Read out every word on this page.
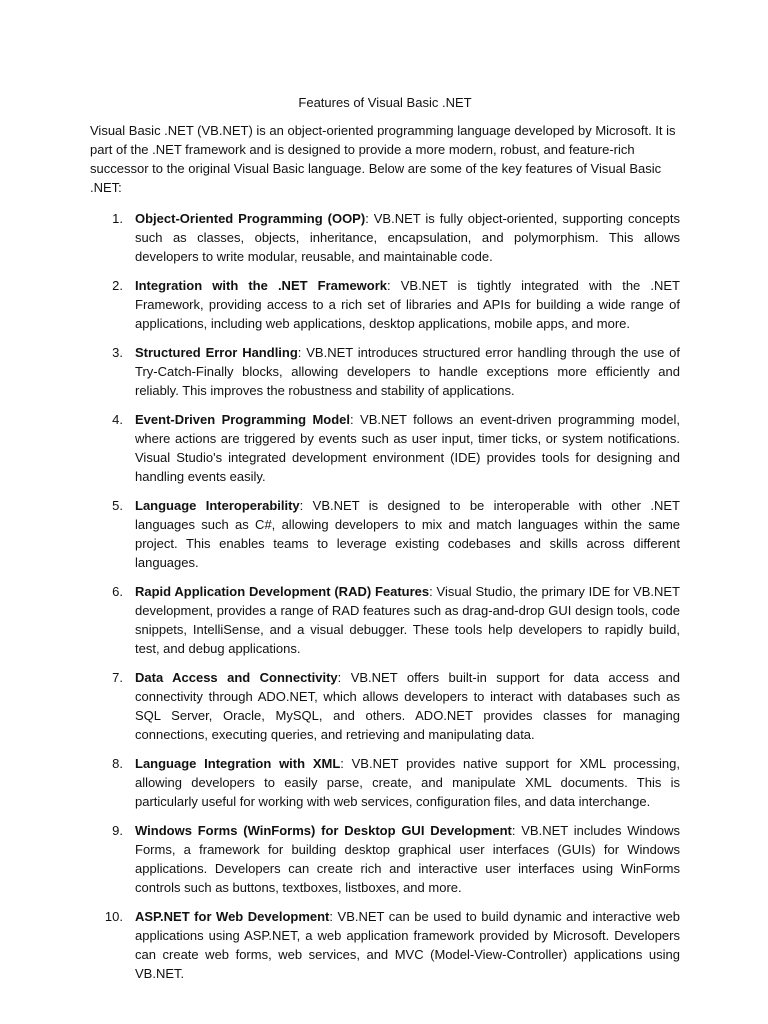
Features of Visual Basic .NET

Visual Basic .NET (VB.NET) is an object-oriented programming language developed by Microsoft. It is part of the .NET framework and is designed to provide a more modern, robust, and feature-rich successor to the original Visual Basic language. Below are some of the key features of Visual Basic .NET:

1. Object-Oriented Programming (OOP): VB.NET is fully object-oriented, supporting concepts such as classes, objects, inheritance, encapsulation, and polymorphism. This allows developers to write modular, reusable, and maintainable code.
2. Integration with the .NET Framework: VB.NET is tightly integrated with the .NET Framework, providing access to a rich set of libraries and APIs for building a wide range of applications, including web applications, desktop applications, mobile apps, and more.
3. Structured Error Handling: VB.NET introduces structured error handling through the use of Try-Catch-Finally blocks, allowing developers to handle exceptions more efficiently and reliably. This improves the robustness and stability of applications.
4. Event-Driven Programming Model: VB.NET follows an event-driven programming model, where actions are triggered by events such as user input, timer ticks, or system notifications. Visual Studio's integrated development environment (IDE) provides tools for designing and handling events easily.
5. Language Interoperability: VB.NET is designed to be interoperable with other .NET languages such as C#, allowing developers to mix and match languages within the same project. This enables teams to leverage existing codebases and skills across different languages.
6. Rapid Application Development (RAD) Features: Visual Studio, the primary IDE for VB.NET development, provides a range of RAD features such as drag-and-drop GUI design tools, code snippets, IntelliSense, and a visual debugger. These tools help developers to rapidly build, test, and debug applications.
7. Data Access and Connectivity: VB.NET offers built-in support for data access and connectivity through ADO.NET, which allows developers to interact with databases such as SQL Server, Oracle, MySQL, and others. ADO.NET provides classes for managing connections, executing queries, and retrieving and manipulating data.
8. Language Integration with XML: VB.NET provides native support for XML processing, allowing developers to easily parse, create, and manipulate XML documents. This is particularly useful for working with web services, configuration files, and data interchange.
9. Windows Forms (WinForms) for Desktop GUI Development: VB.NET includes Windows Forms, a framework for building desktop graphical user interfaces (GUIs) for Windows applications. Developers can create rich and interactive user interfaces using WinForms controls such as buttons, textboxes, listboxes, and more.
10. ASP.NET for Web Development: VB.NET can be used to build dynamic and interactive web applications using ASP.NET, a web application framework provided by Microsoft. Developers can create web forms, web services, and MVC (Model-View-Controller) applications using VB.NET.
